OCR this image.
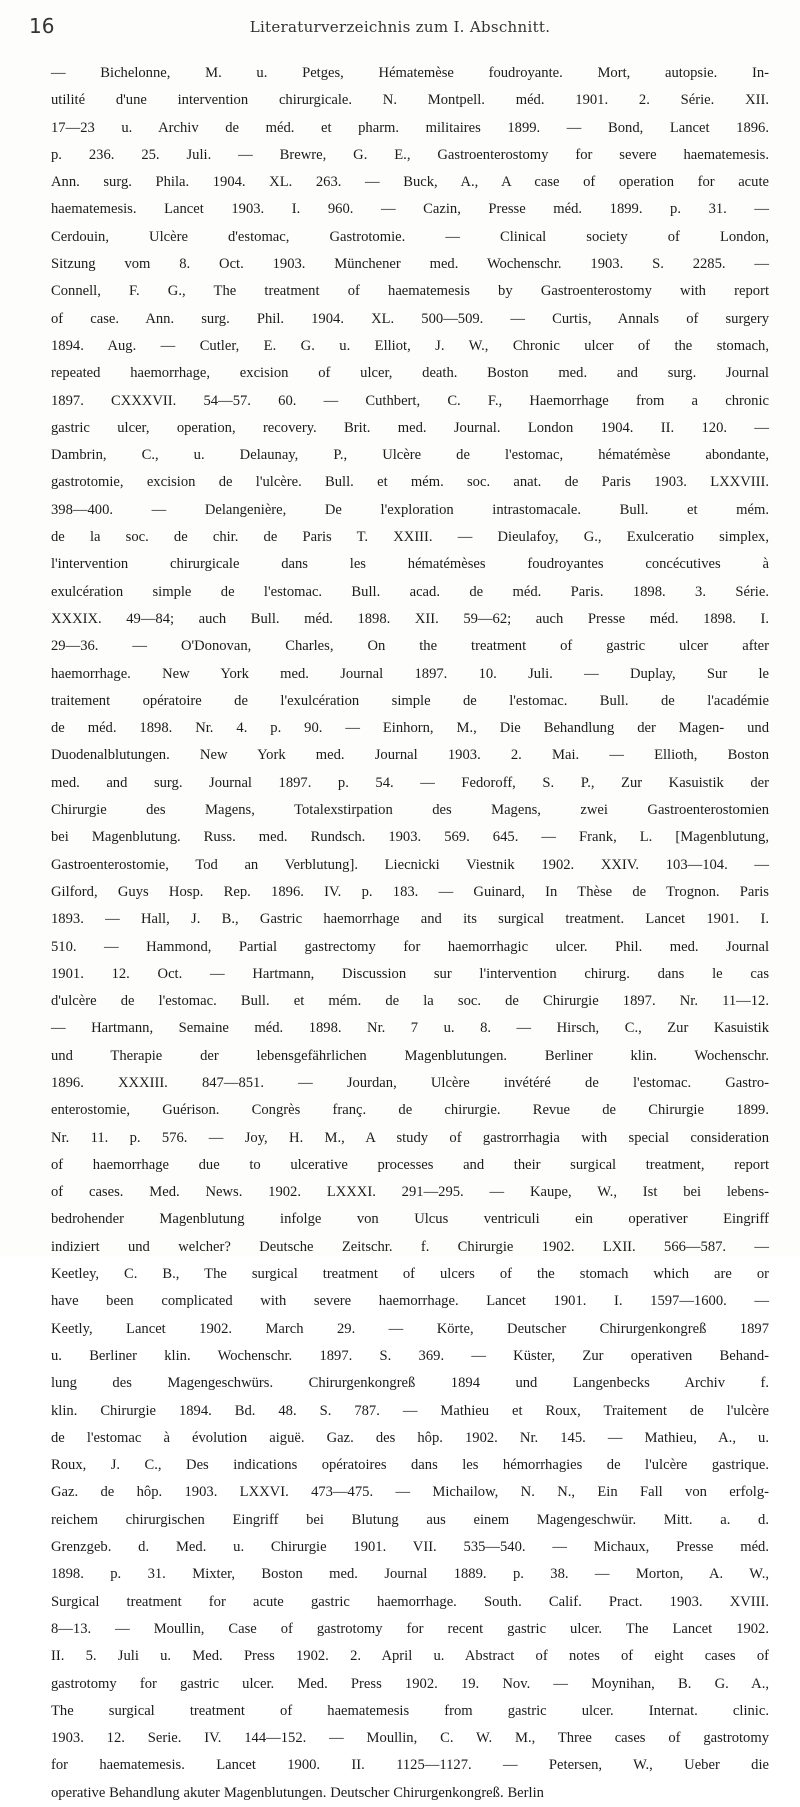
16	Literaturverzeichnis zum I. Abschnitt.
— Bichelonne, M. u. Petges, Hématemèse foudroyante. Mort, autopsie. In-
utilité d'une intervention chirurgicale. N. Montpell. méd. 1901. 2. Série. XII.
17—23 u. Archiv de méd. et pharm. militaires 1899. — Bond, Lancet 1896.
p. 236. 25. Juli. — Brewre, G. E., Gastroenterostomy for severe haematemesis.
Ann. surg. Phila. 1904. XL. 263. — Buck, A., A case of operation for acute
haematemesis. Lancet 1903. I. 960. — Cazin, Presse méd. 1899. p. 31. —
Cerdouin, Ulcère d'estomac, Gastrotomie. — Clinical society of London,
Sitzung vom 8. Oct. 1903. Münchener med. Wochenschr. 1903. S. 2285. —
Connell, F. G., The treatment of haematemesis by Gastroenterostomy with report
of case. Ann. surg. Phil. 1904. XL. 500—509. — Curtis, Annals of surgery
1894. Aug. — Cutler, E. G. u. Elliot, J. W., Chronic ulcer of the stomach,
repeated haemorrhage, excision of ulcer, death. Boston med. and surg. Journal
1897. CXXXVII. 54—57. 60. — Cuthbert, C. F., Haemorrhage from a chronic
gastric ulcer, operation, recovery. Brit. med. Journal. London 1904. II. 120. —
Dambrin, C., u. Delaunay, P., Ulcère de l'estomac, hématémèse abondante,
gastrotomie, excision de l'ulcère. Bull. et mém. soc. anat. de Paris 1903. LXXVIII.
398—400. — Delangenière, De l'exploration intrastomacale. Bull. et mém.
de la soc. de chir. de Paris T. XXIII. — Dieulafoy, G., Exulceratio simplex,
l'intervention chirurgicale dans les hématémèses foudroyantes concécutives à
exulcération simple de l'estomac. Bull. acad. de méd. Paris. 1898. 3. Série.
XXXIX. 49—84; auch Bull. méd. 1898. XII. 59—62; auch Presse méd. 1898. I.
29—36. — O'Donovan, Charles, On the treatment of gastric ulcer after
haemorrhage. New York med. Journal 1897. 10. Juli. — Duplay, Sur le
traitement opératoire de l'exulcération simple de l'estomac. Bull. de l'académie
de méd. 1898. Nr. 4. p. 90. — Einhorn, M., Die Behandlung der Magen- und
Duodenalblutungen. New York med. Journal 1903. 2. Mai. — Ellioth, Boston
med. and surg. Journal 1897. p. 54. — Fedoroff, S. P., Zur Kasuistik der
Chirurgie des Magens, Totalexstirpation des Magens, zwei Gastroenterostomien
bei Magenblutung. Russ. med. Rundsch. 1903. 569. 645. — Frank, L. [Magenblutung,
Gastroenterostomie, Tod an Verblutung]. Liecnicki Viestnik 1902. XXIV. 103—104. —
Gilford, Guys Hosp. Rep. 1896. IV. p. 183. — Guinard, In Thèse de Trognon. Paris
1893. — Hall, J. B., Gastric haemorrhage and its surgical treatment. Lancet 1901. I.
510. — Hammond, Partial gastrectomy for haemorrhagic ulcer. Phil. med. Journal
1901. 12. Oct. — Hartmann, Discussion sur l'intervention chirurg. dans le cas
d'ulcère de l'estomac. Bull. et mém. de la soc. de Chirurgie 1897. Nr. 11—12.
— Hartmann, Semaine méd. 1898. Nr. 7 u. 8. — Hirsch, C., Zur Kasuistik
und Therapie der lebensgefährlichen Magenblutungen. Berliner klin. Wochenschr.
1896. XXXIII. 847—851. — Jourdan, Ulcère invétéré de l'estomac. Gastro-
enterostomie, Guérison. Congrès franç. de chirurgie. Revue de Chirurgie 1899.
Nr. 11. p. 576. — Joy, H. M., A study of gastrorrhagia with special consideration
of haemorrhage due to ulcerative processes and their surgical treatment, report
of cases. Med. News. 1902. LXXXI. 291—295. — Kaupe, W., Ist bei lebens-
bedrohender Magenblutung infolge von Ulcus ventriculi ein operativer Eingriff
indiziert und welcher? Deutsche Zeitschr. f. Chirurgie 1902. LXII. 566—587. —
Keetley, C. B., The surgical treatment of ulcers of the stomach which are or
have been complicated with severe haemorrhage. Lancet 1901. I. 1597—1600. —
Keetly, Lancet 1902. March 29. — Körte, Deutscher Chirurgenkongreß 1897
u. Berliner klin. Wochenschr. 1897. S. 369. — Küster, Zur operativen Behand-
lung des Magengeschwürs. Chirurgenkongreß 1894 und Langenbecks Archiv f.
klin. Chirurgie 1894. Bd. 48. S. 787. — Mathieu et Roux, Traitement de l'ulcère
de l'estomac à évolution aiguë. Gaz. des hôp. 1902. Nr. 145. — Mathieu, A., u.
Roux, J. C., Des indications opératoires dans les hémorrhagies de l'ulcère gastrique.
Gaz. de hôp. 1903. LXXVI. 473—475. — Michailow, N. N., Ein Fall von erfolg-
reichem chirurgischen Eingriff bei Blutung aus einem Magengeschwür. Mitt. a. d.
Grenzgeb. d. Med. u. Chirurgie 1901. VII. 535—540. — Michaux, Presse méd.
1898. p. 31. Mixter, Boston med. Journal 1889. p. 38. — Morton, A. W.,
Surgical treatment for acute gastric haemorrhage. South. Calif. Pract. 1903. XVIII.
8—13. — Moullin, Case of gastrotomy for recent gastric ulcer. The Lancet 1902.
II. 5. Juli u. Med. Press 1902. 2. April u. Abstract of notes of eight cases of
gastrotomy for gastric ulcer. Med. Press 1902. 19. Nov. — Moynihan, B. G. A.,
The surgical treatment of haematemesis from gastric ulcer. Internat. clinic.
1903. 12. Serie. IV. 144—152. — Moullin, C. W. M., Three cases of gastrotomy
for haematemesis. Lancet 1900. II. 1125—1127. — Petersen, W., Ueber die
operative Behandlung akuter Magenblutungen. Deutscher Chirurgenkongreß. Berlin
